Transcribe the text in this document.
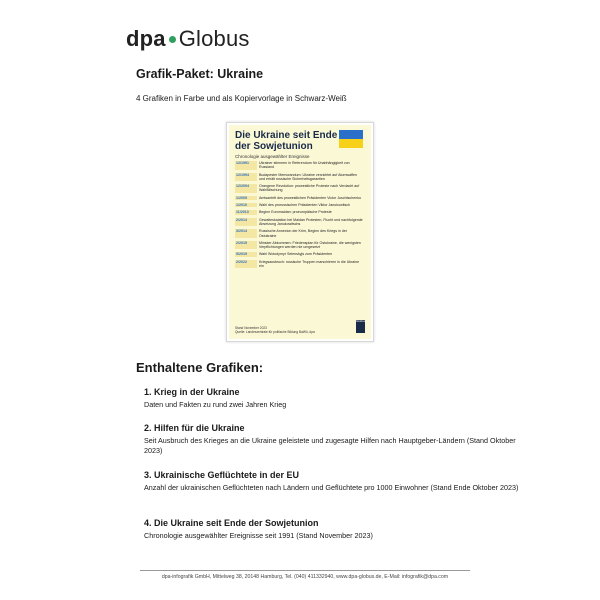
dpa Globus
Grafik-Paket: Ukraine
4 Grafiken in Farbe und als Kopiervorlage in Schwarz-Weiß
Die Ukraine seit Ende der Sowjetunion
Chronologie ausgewählter Ereignisse
12/1991	Ukrainer stimmen in Referendum für Unabhängigkeit von Russland
12/1994	Budapester Memorandum: Ukraine verzichtet auf Atomwaffen und erhält russische Sicherheitsgarantien
12/2004	Orangene Revolution: prowestliche Proteste nach Verdacht auf Wahlfälschung
1/2005	Amtsantritt des prowestlichen Präsidenten Victor Juschtschenko
1/2010	Wahl des prorussischen Präsidenten Viktor Janukowitsch
11/2013	Beginn Euromaidan: proeuropäische Proteste
2/2014	Gewalteskalation bei Maidan Protesten, Flucht und nachfolgende Absetzung Janukowitschs
3/2014	Russische Annexion der Krim, Beginn des Kriegs in der Ostukraine
2/2015	Minsker Abkommen: Friedensplan für Ostukraine, die wenigsten Verpflichtungen werden nie umgesetzt
5/2019	Wahl Wolodymyr Selenskyjs zum Präsidenten
2/2022	Kriegsausbruch: russische Truppen marschieren in die Ukraine ein
Stand November 2023
Quelle: Landeszentrale für politische Bildung BaWü, dpa
Globus
Enthaltene Grafiken:
1. Krieg in der Ukraine
Daten und Fakten zu rund zwei Jahren Krieg
2. Hilfen für die Ukraine
Seit Ausbruch des Krieges an die Ukraine geleistete und zugesagte Hilfen nach Hauptgeber-Ländern (Stand Oktober 2023)
3. Ukrainische Geflüchtete in der EU
Anzahl der ukrainischen Geflüchteten nach Ländern und Geflüchtete pro 1000 Einwohner (Stand Ende Oktober 2023)
4. Die Ukraine seit Ende der Sowjetunion
Chronologie ausgewählter Ereignisse seit 1991 (Stand November 2023)
dpa-infografik GmbH, Mittelweg 38, 20148 Hamburg, Tel. (040) 411332940, www.dpa-globus.de, E-Mail: infografik@dpa.com
